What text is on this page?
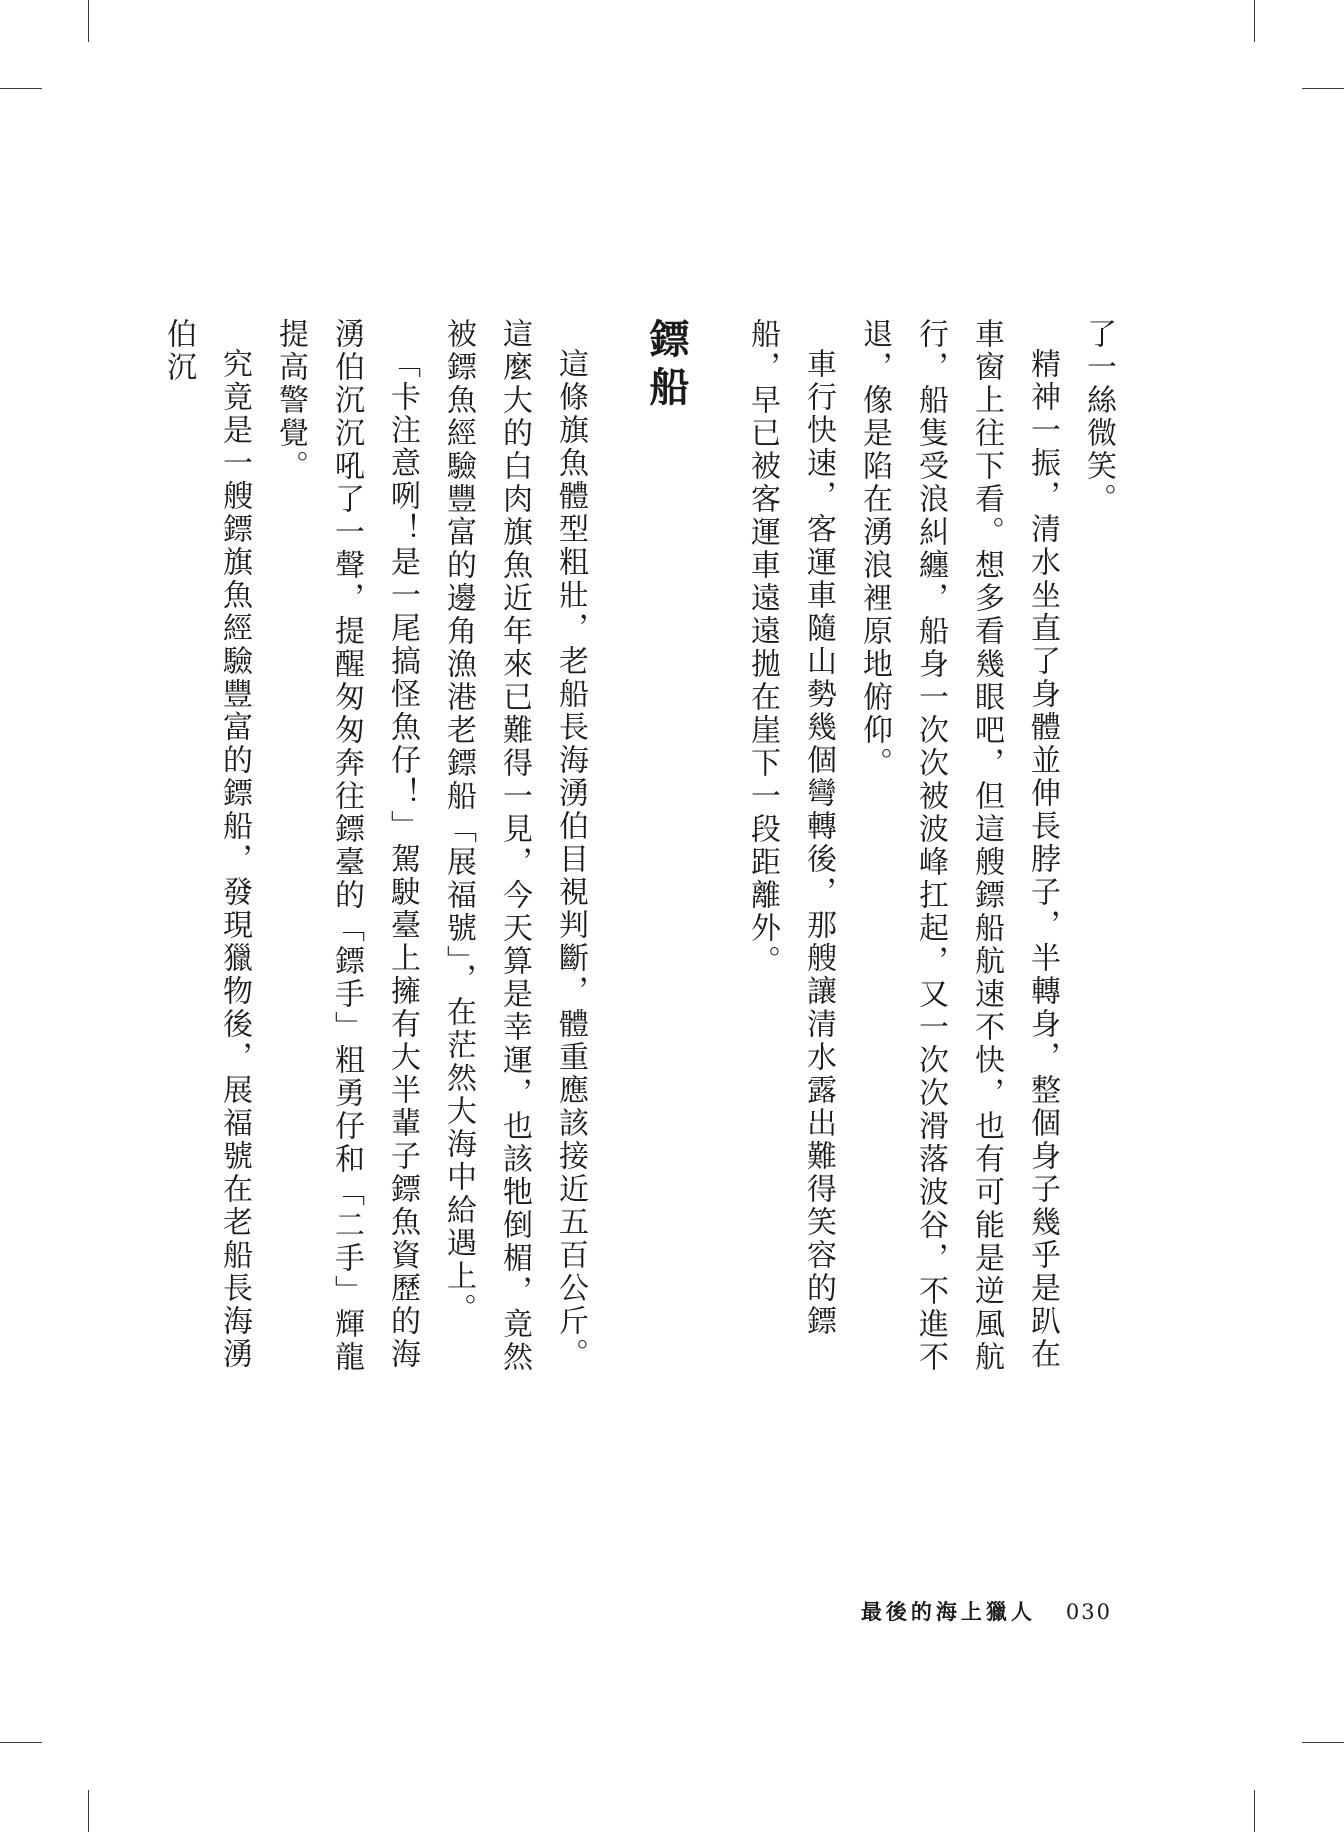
了一絲微笑。

精神一振，清水坐直了身體並伸長脖子，半轉身，整個身子幾乎是趴在車窗上往下看。想多看幾眼吧，但這艘鏢船航速不快，也有可能是逆風航行，船隻受浪糾纏，船身一次次被波峰扛起，又一次次滑落波谷，不進不退，像是陷在湧浪裡原地俯仰。

車行快速，客運車隨山勢幾個彎轉後，那艘讓清水露出難得笑容的鏢船，早已被客運車遠遠拋在崖下一段距離外。

鏢船

這條旗魚體型粗壯，老船長海湧伯目視判斷，體重應該接近五百公斤。這麼大的白肉旗魚近年來已難得一見，今天算是幸運，也該牠倒楣，竟然被鏢魚經驗豐富的邊角漁港老鏢船「展福號」，在茫然大海中給遇上。

「卡注意咧！是一尾搞怪魚仔！」駕駛臺上擁有大半輩子鏢魚資歷的海湧伯沉沉吼了一聲，提醒匆匆奔往鏢臺的「鏢手」粗勇仔和「二手」輝龍提高警覺。

究竟是一艘鏢旗魚經驗豐富的鏢船，發現獵物後，展福號在老船長海湧伯沉

最後的海上獵人 030
